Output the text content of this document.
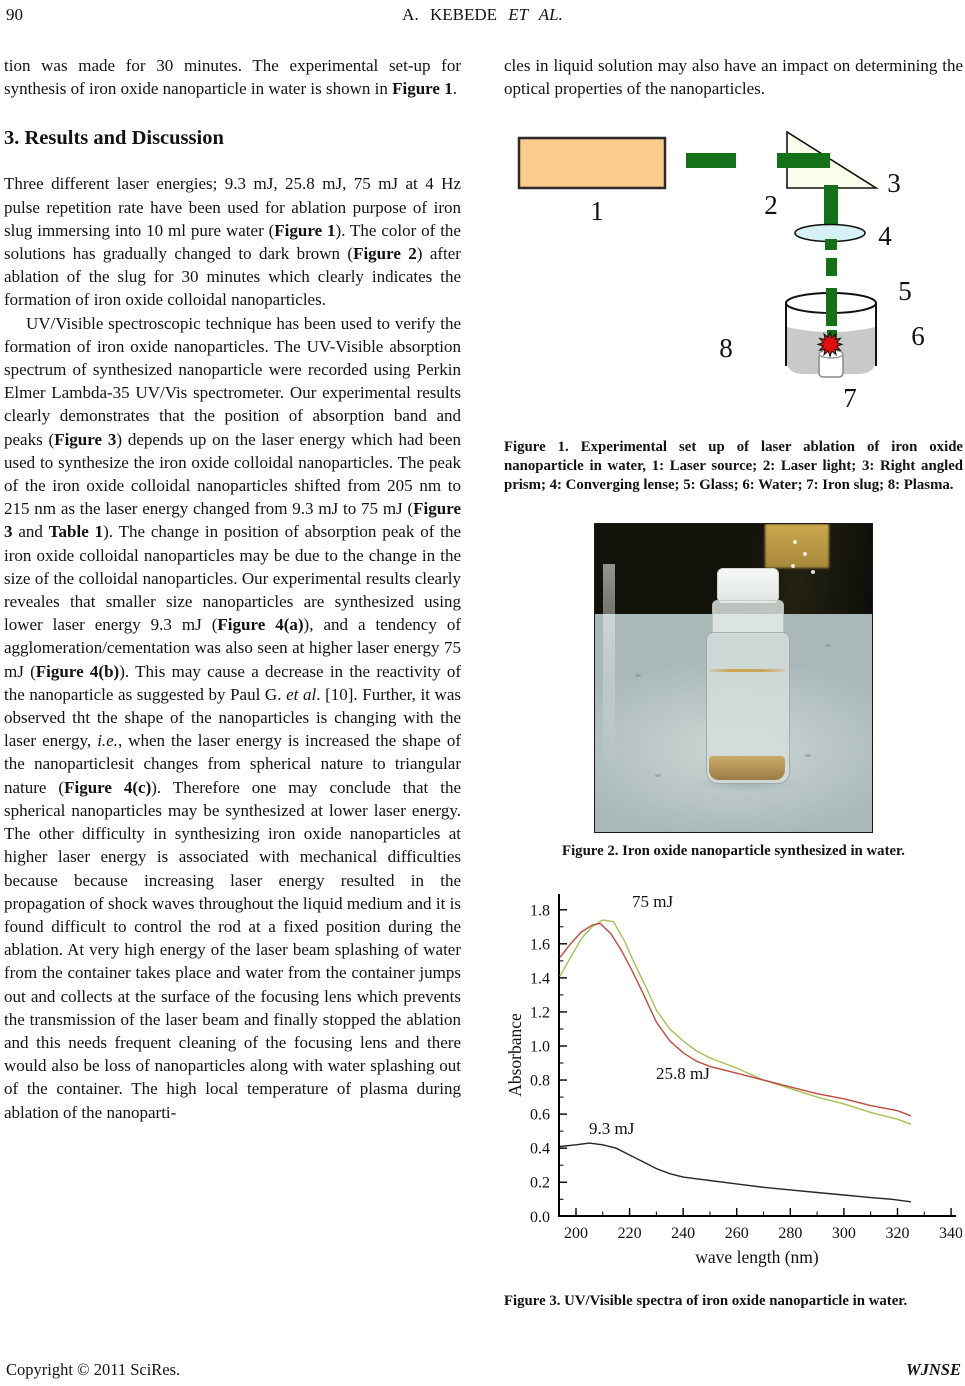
90	A. KEBEDE ET AL.

tion was made for 30 minutes. The experimental set-up for synthesis of iron oxide nanoparticle in water is shown in Figure 1.

3. Results and Discussion

Three different laser energies; 9.3 mJ, 25.8 mJ, 75 mJ at 4 Hz pulse repetition rate have been used for ablation purpose of iron slug immersing into 10 ml pure water (Figure 1). The color of the solutions has gradually changed to dark brown (Figure 2) after ablation of the slug for 30 minutes which clearly indicates the formation of iron oxide colloidal nanoparticles.

UV/Visible spectroscopic technique has been used to verify the formation of iron oxide nanoparticles. The UV-Visible absorption spectrum of synthesized nanoparticle were recorded using Perkin Elmer Lambda-35 UV/Vis spectrometer. Our experimental results clearly demonstrates that the position of absorption band and peaks (Figure 3) depends up on the laser energy which had been used to synthesize the iron oxide colloidal nanoparticles. The peak of the iron oxide colloidal nanoparticles shifted from 205 nm to 215 nm as the laser energy changed from 9.3 mJ to 75 mJ (Figure 3 and Table 1). The change in position of absorption peak of the iron oxide colloidal nanoparticles may be due to the change in the size of the colloidal nanoparticles. Our experimental results clearly reveales that smaller size nanoparticles are synthesized using lower laser energy 9.3 mJ (Figure 4(a)), and a tendency of agglomeration/cementation was also seen at higher laser energy 75 mJ (Figure 4(b)). This may cause a decrease in the reactivity of the nanoparticle as suggested by Paul G. et al. [10]. Further, it was observed tht the shape of the nanoparticles is changing with the laser energy, i.e., when the laser energy is increased the shape of the nanoparticlesit changes from spherical nature to triangular nature (Figure 4(c)). Therefore one may conclude that the spherical nanoparticles may be synthesized at lower laser energy. The other difficulty in synthesizing iron oxide nanoparticles at higher laser energy is associated with mechanical difficulties because because increasing laser energy resulted in the propagation of shock waves throughout the liquid medium and it is found difficult to control the rod at a fixed position during the ablation. At very high energy of the laser beam splashing of water from the container takes place and water from the container jumps out and collects at the surface of the focusing lens which prevents the transmission of the laser beam and finally stopped the ablation and this needs frequent cleaning of the focusing lens and there would also be loss of nanoparticles along with water splashing out of the container. The high local temperature of plasma during ablation of the nanoparti-

cles in liquid solution may also have an impact on determining the optical properties of the nanoparticles.

✹
1	2
3
4
5
6
7
8

Figure 1. Experimental set up of laser ablation of iron oxide nanoparticle in water, 1: Laser source; 2: Laser light; 3: Right angled prism; 4: Converging lense; 5: Glass; 6: Water; 7: Iron slug; 8: Plasma.

Figure 2. Iron oxide nanoparticle synthesized in water.

200 220 240 260 280 300 320 340
0.0
0.2
0.4
0.6
0.8
1.0
1.2
1.4
1.6
1.8	75 mJ
25.8 mJ
9.3 mJ
wave length (nm)
Absorbance

Figure 3. UV/Visible spectra of iron oxide nanoparticle in water.

Copyright © 2011 SciRes.	WJNSE
